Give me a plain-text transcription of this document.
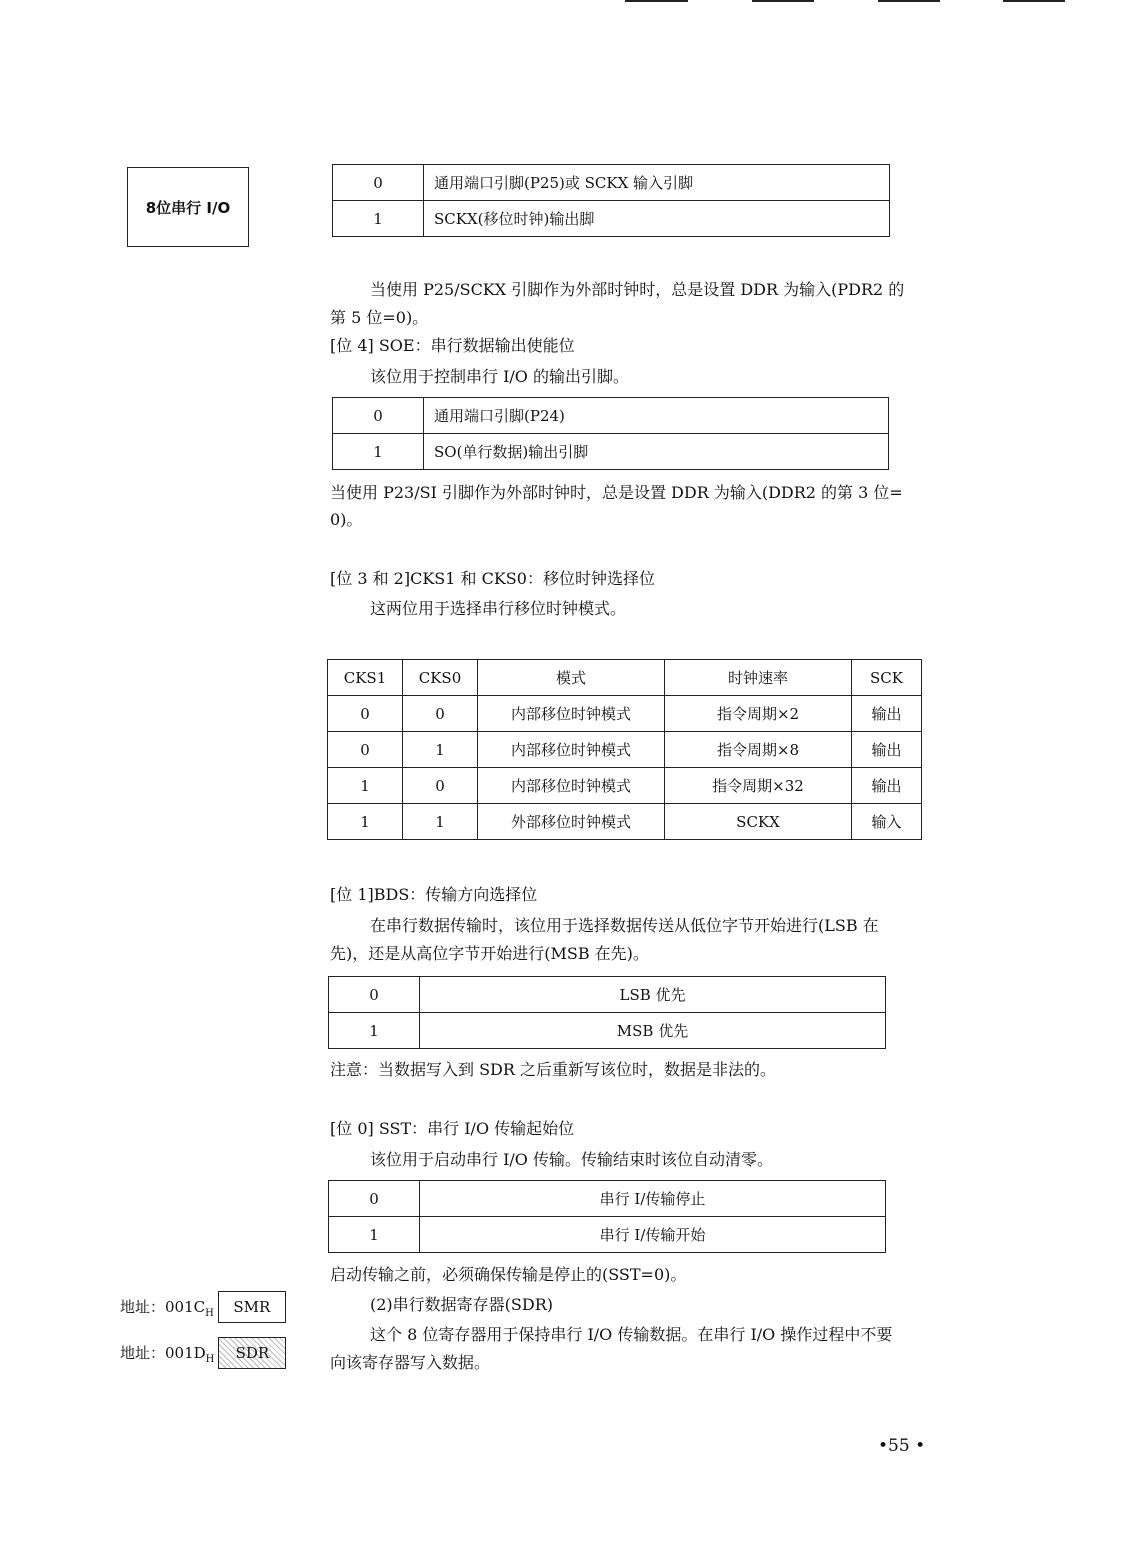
8位串行 I/O
0	通用端口引脚(P25)或 SCKX 输入引脚
1	SCKX(移位时钟)输出脚
当使用 P25/SCKX 引脚作为外部时钟时，总是设置 DDR 为输入(PDR2 的
第 5 位=0)。
[位 4] SOE：串行数据输出使能位
该位用于控制串行 I/O 的输出引脚。
0	通用端口引脚(P24)
1	SO(单行数据)输出引脚
当使用 P23/SI 引脚作为外部时钟时，总是设置 DDR 为输入(DDR2 的第 3 位=
0)。
[位 3 和 2]CKS1 和 CKS0：移位时钟选择位
这两位用于选择串行移位时钟模式。
CKS1	CKS0	模式	时钟速率	SCK
0	0	内部移位时钟模式	指令周期×2	输出
0	1	内部移位时钟模式	指令周期×8	输出
1	0	内部移位时钟模式	指令周期×32	输出
1	1	外部移位时钟模式	SCKX	输入
[位 1]BDS：传输方向选择位
在串行数据传输时，该位用于选择数据传送从低位字节开始进行(LSB 在
先)，还是从高位字节开始进行(MSB 在先)。
0	LSB 优先
1	MSB 优先
注意：当数据写入到 SDR 之后重新写该位时，数据是非法的。
[位 0] SST：串行 I/O 传输起始位
该位用于启动串行 I/O 传输。传输结束时该位自动清零。
0	串行 I/传输停止
1	串行 I/传输开始
启动传输之前，必须确保传输是停止的(SST=0)。
(2)串行数据寄存器(SDR)
这个 8 位寄存器用于保持串行 I/O 传输数据。在串行 I/O 操作过程中不要
向该寄存器写入数据。
地址：$001C_H$	SMR
地址：$001D_H$	SDR
•55 •
